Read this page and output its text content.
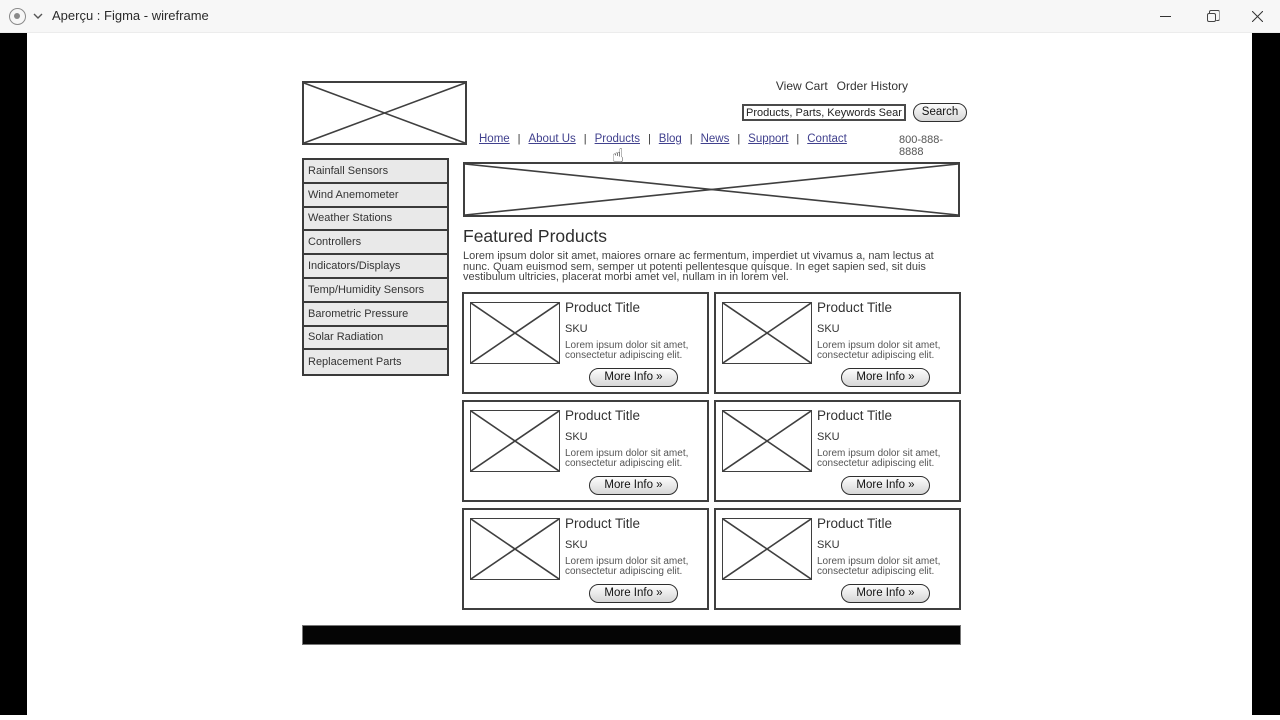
Aperçu : Figma - wireframe
View Cart Order History
Products, Parts, Keywords Search
Search
Home | About Us | Products | Blog | News | Support | Contact	800-888-8888
Rainfall Sensors
Wind Anemometer
Weather Stations
Controllers
Indicators/Displays
Temp/Humidity Sensors
Barometric Pressure
Solar Radiation
Replacement Parts
Featured Products
Lorem ipsum dolor sit amet, maiores ornare ac fermentum, imperdiet ut vivamus a, nam lectus at nunc. Quam euismod sem, semper ut potenti pellentesque quisque. In eget sapien sed, sit duis vestibulum ultricies, placerat morbi amet vel, nullam in in lorem vel.
Product Title
SKU
Lorem ipsum dolor sit amet, consectetur adipiscing elit.
More Info »
Product Title
SKU
Lorem ipsum dolor sit amet, consectetur adipiscing elit.
More Info »
Product Title
SKU
Lorem ipsum dolor sit amet, consectetur adipiscing elit.
More Info »
Product Title
SKU
Lorem ipsum dolor sit amet, consectetur adipiscing elit.
More Info »
Product Title
SKU
Lorem ipsum dolor sit amet, consectetur adipiscing elit.
More Info »
Product Title
SKU
Lorem ipsum dolor sit amet, consectetur adipiscing elit.
More Info »
☝
